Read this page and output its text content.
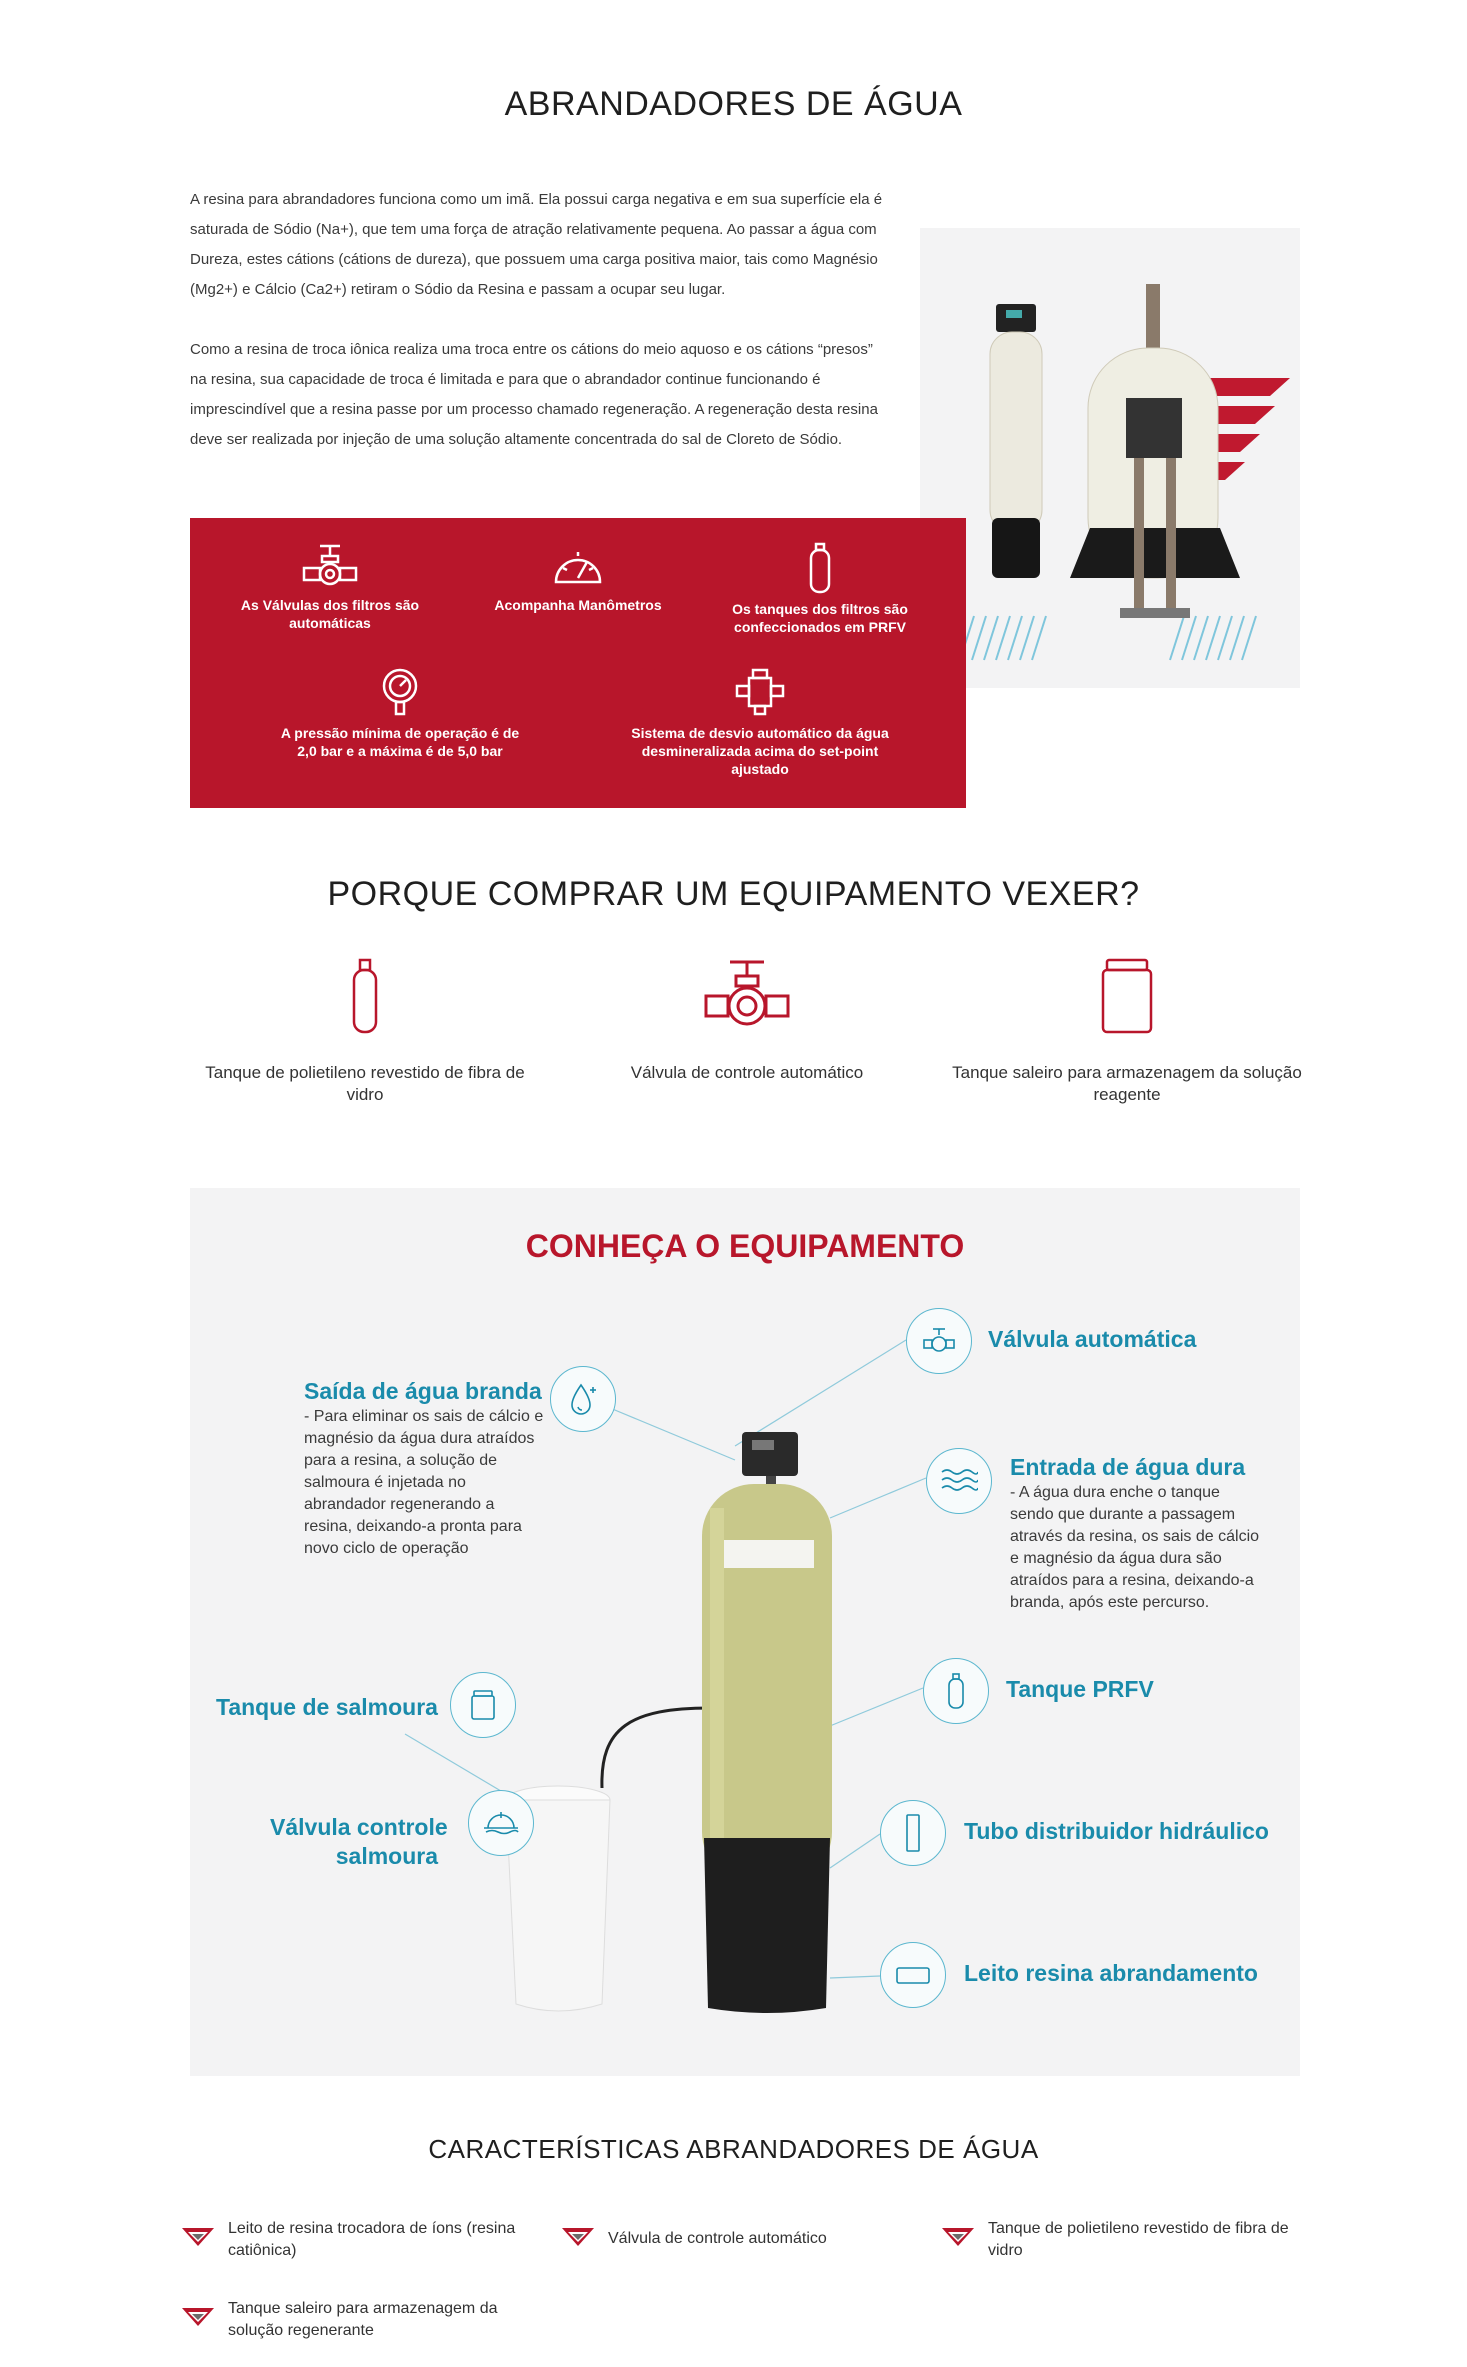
ABRANDADORES DE ÁGUA

A resina para abrandadores funciona como um imã. Ela possui carga negativa e em sua superfície ela é saturada de Sódio (Na+), que tem uma força de atração relativamente pequena. Ao passar a água com Dureza, estes cátions (cátions de dureza), que possuem uma carga positiva maior, tais como Magnésio (Mg2+) e Cálcio (Ca2+) retiram o Sódio da Resina e passam a ocupar seu lugar.

Como a resina de troca iônica realiza uma troca entre os cátions do meio aquoso e os cátions “presos” na resina, sua capacidade de troca é limitada e para que o abrandador continue funcionando é imprescindível que a resina passe por um processo chamado regeneração. A regeneração desta resina deve ser realizada por injeção de uma solução altamente concentrada do sal de Cloreto de Sódio.

As Válvulas dos filtros são automáticas
Acompanha Manômetros	Os tanques dos filtros são confeccionados em PRFV
A pressão mínima de operação é de 2,0 bar e a máxima é de 5,0 bar
Sistema de desvio automático da água desmineralizada acima do set-point ajustado
PORQUE COMPRAR UM EQUIPAMENTO VEXER?
Tanque de polietileno revestido de fibra de vidro
Válvula de controle automático	Tanque saleiro para armazenagem da solução reagente
CONHEÇA O EQUIPAMENTO
Válvula automática
Saída de água branda
- Para eliminar os sais de cálcio e magnésio da água dura atraídos para a resina, a solução de salmoura é injetada no abrandador regenerando a resina, deixando-a pronta para novo ciclo de operação
Entrada de água dura
- A água dura enche o tanque sendo que durante a passagem através da resina, os sais de cálcio e magnésio da água dura são atraídos para a resina, deixando-a branda, após este percurso.
Tanque de salmoura
Tanque PRFV
Válvula controle
salmoura
Tubo distribuidor hidráulico
Leito resina abrandamento
CARACTERÍSTICAS ABRANDADORES DE ÁGUA
Leito de resina trocadora de íons (resina catiônica)
Válvula de controle automático
Tanque de polietileno revestido de fibra de vidro
Tanque saleiro para armazenagem da solução regenerante
